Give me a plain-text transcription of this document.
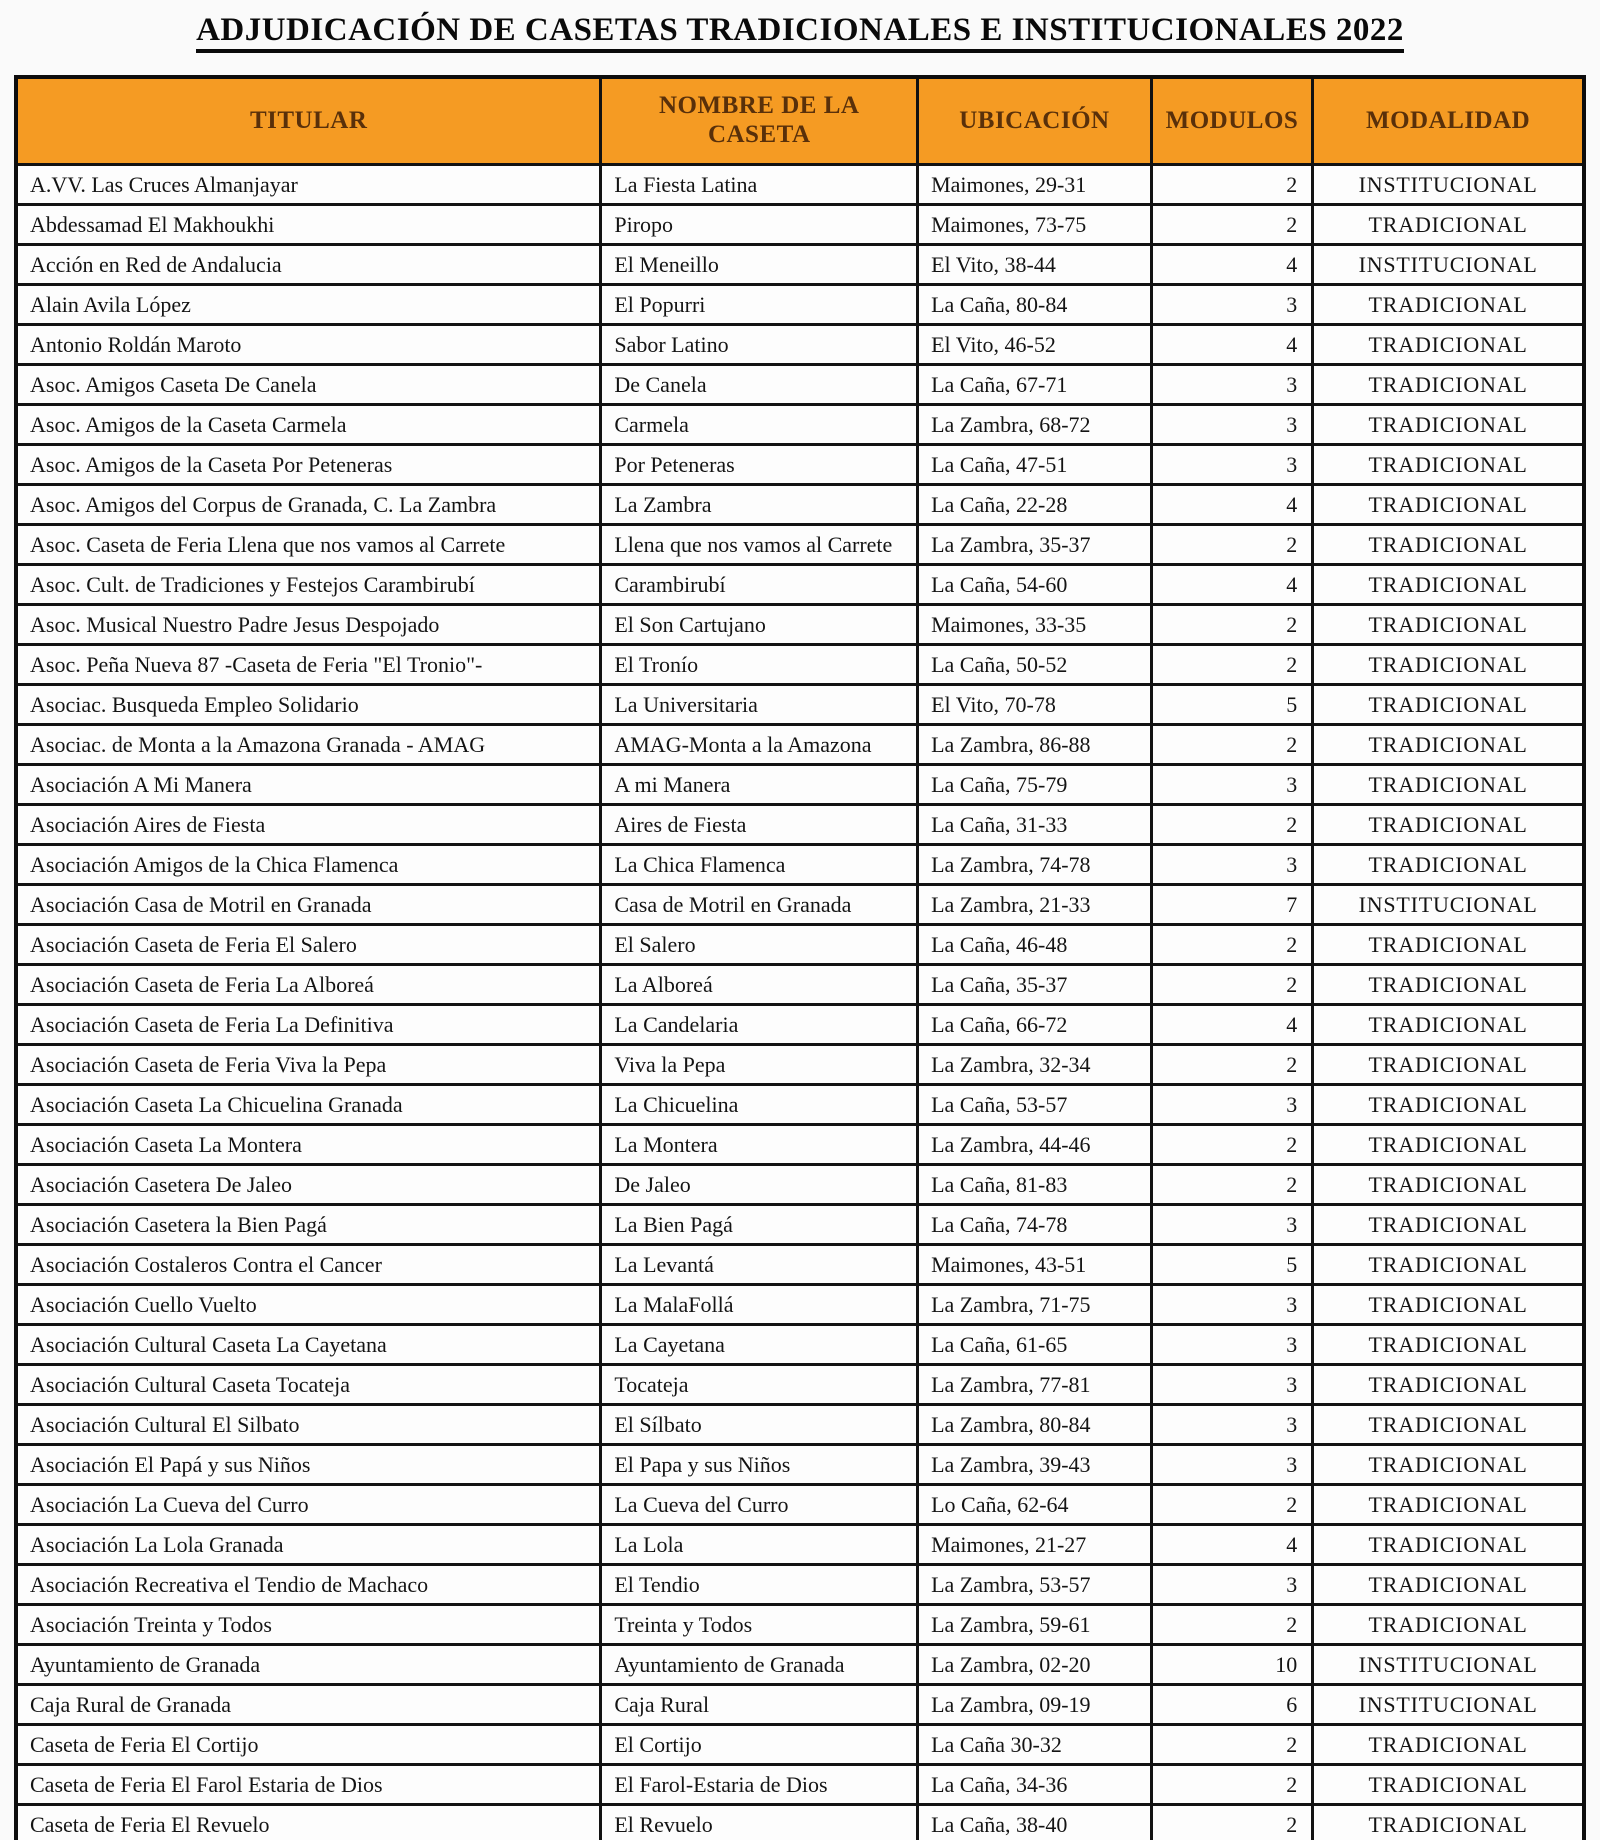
ADJUDICACIÓN DE CASETAS TRADICIONALES E INSTITUCIONALES 2022
TITULAR	NOMBRE DE LA CASETA	UBICACIÓN	MODULOS	MODALIDAD
A.VV. Las Cruces Almanjayar	La Fiesta Latina	Maimones, 29-31	2	INSTITUCIONAL
Abdessamad El Makhoukhi	Piropo	Maimones, 73-75	2	TRADICIONAL
Acción en Red de Andalucia	El Meneillo	El Vito, 38-44	4	INSTITUCIONAL
Alain Avila López	El Popurri	La Caña, 80-84	3	TRADICIONAL
Antonio Roldán Maroto	Sabor Latino	El Vito, 46-52	4	TRADICIONAL
Asoc. Amigos Caseta De Canela	De Canela	La Caña, 67-71	3	TRADICIONAL
Asoc. Amigos de la Caseta Carmela	Carmela	La Zambra, 68-72	3	TRADICIONAL
Asoc. Amigos de la Caseta Por Peteneras	Por Peteneras	La Caña, 47-51	3	TRADICIONAL
Asoc. Amigos del Corpus de Granada, C. La Zambra	La Zambra	La Caña, 22-28	4	TRADICIONAL
Asoc. Caseta de Feria Llena que nos vamos al Carrete	Llena que nos vamos al Carrete	La Zambra, 35-37	2	TRADICIONAL
Asoc. Cult. de Tradiciones y Festejos Carambirubí	Carambirubí	La Caña, 54-60	4	TRADICIONAL
Asoc. Musical Nuestro Padre Jesus Despojado	El Son Cartujano	Maimones, 33-35	2	TRADICIONAL
Asoc. Peña Nueva 87 -Caseta de Feria "El Tronio"-	El Tronío	La Caña, 50-52	2	TRADICIONAL
Asociac. Busqueda Empleo Solidario	La Universitaria	El Vito, 70-78	5	TRADICIONAL
Asociac. de Monta a la Amazona Granada - AMAG	AMAG-Monta a la Amazona	La Zambra, 86-88	2	TRADICIONAL
Asociación A Mi Manera	A mi Manera	La Caña, 75-79	3	TRADICIONAL
Asociación Aires de Fiesta	Aires de Fiesta	La Caña, 31-33	2	TRADICIONAL
Asociación Amigos de la Chica Flamenca	La Chica Flamenca	La Zambra, 74-78	3	TRADICIONAL
Asociación Casa de Motril en Granada	Casa de Motril en Granada	La Zambra, 21-33	7	INSTITUCIONAL
Asociación Caseta de Feria El Salero	El Salero	La Caña, 46-48	2	TRADICIONAL
Asociación Caseta de Feria La Alboreá	La Alboreá	La Caña, 35-37	2	TRADICIONAL
Asociación Caseta de Feria La Definitiva	La Candelaria	La Caña, 66-72	4	TRADICIONAL
Asociación Caseta de Feria Viva la Pepa	Viva la Pepa	La Zambra, 32-34	2	TRADICIONAL
Asociación Caseta La Chicuelina Granada	La Chicuelina	La Caña, 53-57	3	TRADICIONAL
Asociación Caseta La Montera	La Montera	La Zambra, 44-46	2	TRADICIONAL
Asociación Casetera De Jaleo	De Jaleo	La Caña, 81-83	2	TRADICIONAL
Asociación Casetera la Bien Pagá	La Bien Pagá	La Caña, 74-78	3	TRADICIONAL
Asociación Costaleros Contra el Cancer	La Levantá	Maimones, 43-51	5	TRADICIONAL
Asociación Cuello Vuelto	La MalaFollá	La Zambra, 71-75	3	TRADICIONAL
Asociación Cultural Caseta La Cayetana	La Cayetana	La Caña, 61-65	3	TRADICIONAL
Asociación Cultural Caseta Tocateja	Tocateja	La Zambra, 77-81	3	TRADICIONAL
Asociación Cultural El Silbato	El Sílbato	La Zambra, 80-84	3	TRADICIONAL
Asociación El Papá y sus Niños	El Papa y sus Niños	La Zambra, 39-43	3	TRADICIONAL
Asociación La Cueva del Curro	La Cueva del Curro	Lo Caña, 62-64	2	TRADICIONAL
Asociación La Lola Granada	La Lola	Maimones, 21-27	4	TRADICIONAL
Asociación Recreativa el Tendio de Machaco	El Tendio	La Zambra, 53-57	3	TRADICIONAL
Asociación Treinta y Todos	Treinta y Todos	La Zambra, 59-61	2	TRADICIONAL
Ayuntamiento de Granada	Ayuntamiento de Granada	La Zambra, 02-20	10	INSTITUCIONAL
Caja Rural de Granada	Caja Rural	La Zambra, 09-19	6	INSTITUCIONAL
Caseta de Feria El Cortijo	El Cortijo	La Caña 30-32	2	TRADICIONAL
Caseta de Feria El Farol Estaria de Dios	El Farol-Estaria de Dios	La Caña, 34-36	2	TRADICIONAL
Caseta de Feria El Revuelo	El Revuelo	La Caña, 38-40	2	TRADICIONAL
